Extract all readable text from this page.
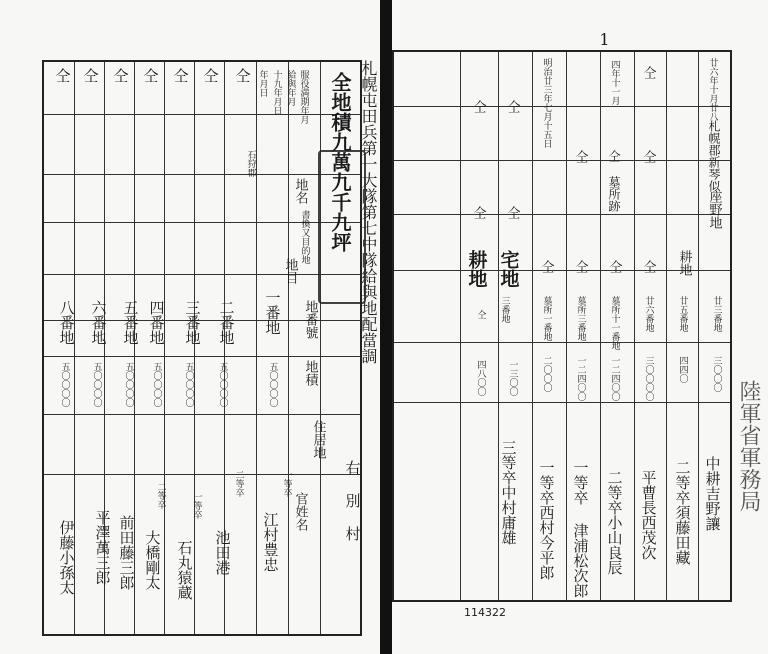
札幌屯田兵第一大隊第七中隊給與地配當調
右 別 村
年月日 十九年月日 給與年月 服役満期年月
地名
書換又目的地
地目
地番號
地積
住居地
官姓名
全地積九萬九千九坪
仝
石狩郡
一番地
五〇〇〇〇
一等卒
江村豊忠
仝
二番地
五〇〇〇〇
二等卒
池田港
仝
三番地
五〇〇〇〇
一等卒
石丸猿蔵
仝
四番地
五〇〇〇〇
二等卒
大橋剛太
仝
五番地
五〇〇〇〇
前田藤三郎
仝
六番地
五〇〇〇〇
平澤萬三郎
仝
八番地
五〇〇〇〇
伊藤小孫太
1
陸軍省軍務局
114322
廿六年十月廿八
札幌郡新琴似
座野地
廿三番地
三〇〇〇
中耕吉野讓
耕地
廿五番地
四四〇
二等卒須藤田藏
仝
仝
仝
廿六番地
三〇〇〇〇
平曹長西茂次
四年十一月
仝 墓所跡
仝
墓所十一番地
一二四〇〇
二等卒小山良辰
仝
仝
墓所三番地
一二四〇〇
一等卒 津浦松次郎
明治廿三年七月十五日
仝
墓所一番地
二〇〇〇
一等卒西村今平郎
仝
仝
宅地
三番地
一三〇〇
三等卒中村庸雄
仝
仝
耕地
仝
四八〇〇
